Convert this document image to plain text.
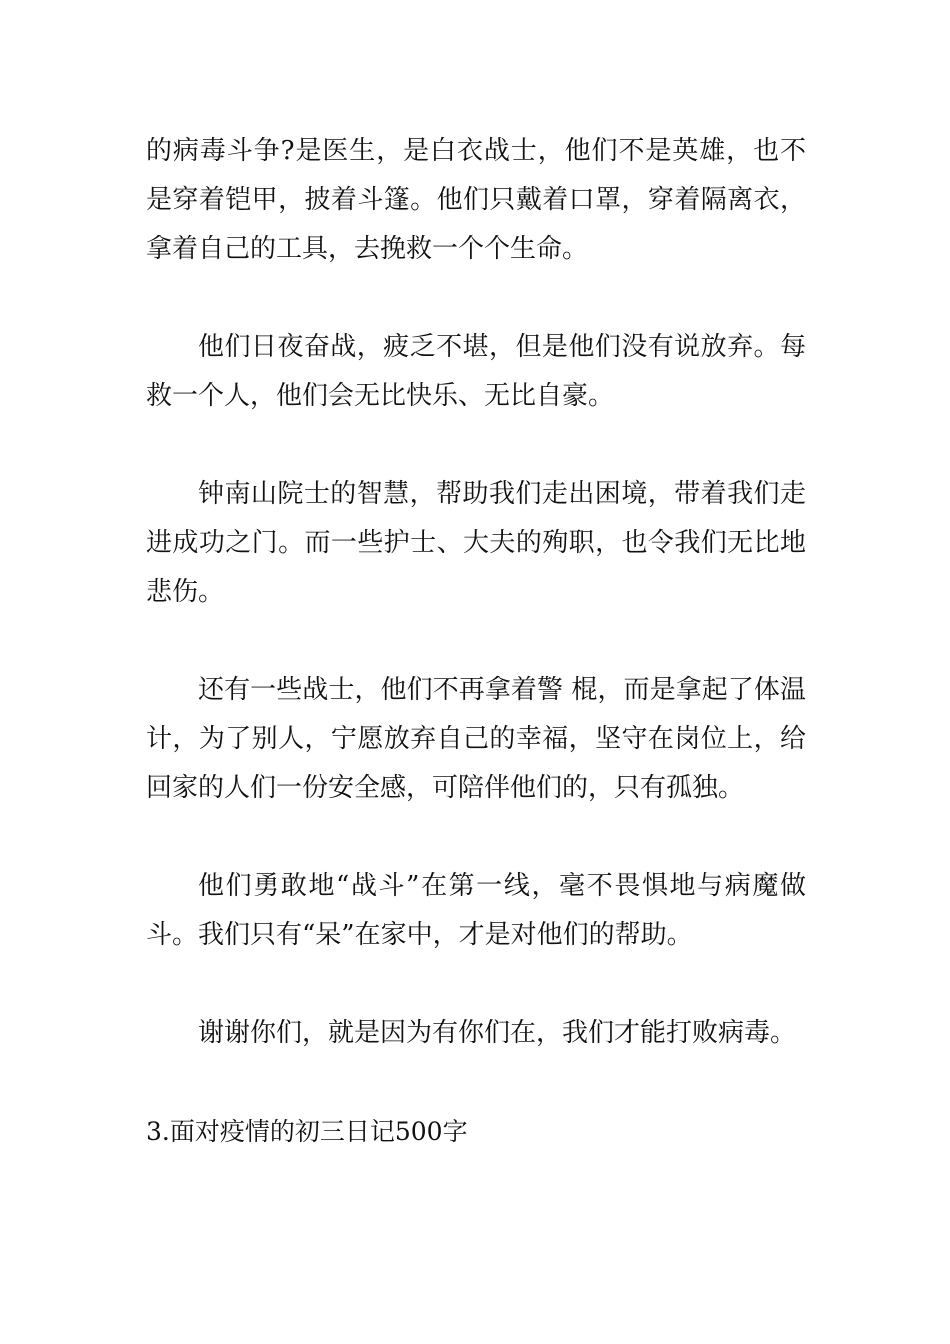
的病毒斗争?是医生，是白衣战士，他们不是英雄，也不是穿着铠甲，披着斗篷。他们只戴着口罩，穿着隔离衣，拿着自己的工具，去挽救一个个生命。

他们日夜奋战，疲乏不堪，但是他们没有说放弃。每救一个人，他们会无比快乐、无比自豪。

钟南山院士的智慧，帮助我们走出困境，带着我们走进成功之门。而一些护士、大夫的殉职，也令我们无比地悲伤。

还有一些战士，他们不再拿着警 棍，而是拿起了体温计，为了别人，宁愿放弃自己的幸福，坚守在岗位上，给回家的人们一份安全感，可陪伴他们的，只有孤独。

他们勇敢地“战斗”在第一线，毫不畏惧地与病魔做斗。我们只有“呆”在家中，才是对他们的帮助。

谢谢你们，就是因为有你们在，我们才能打败病毒。

3.面对疫情的初三日记500字
